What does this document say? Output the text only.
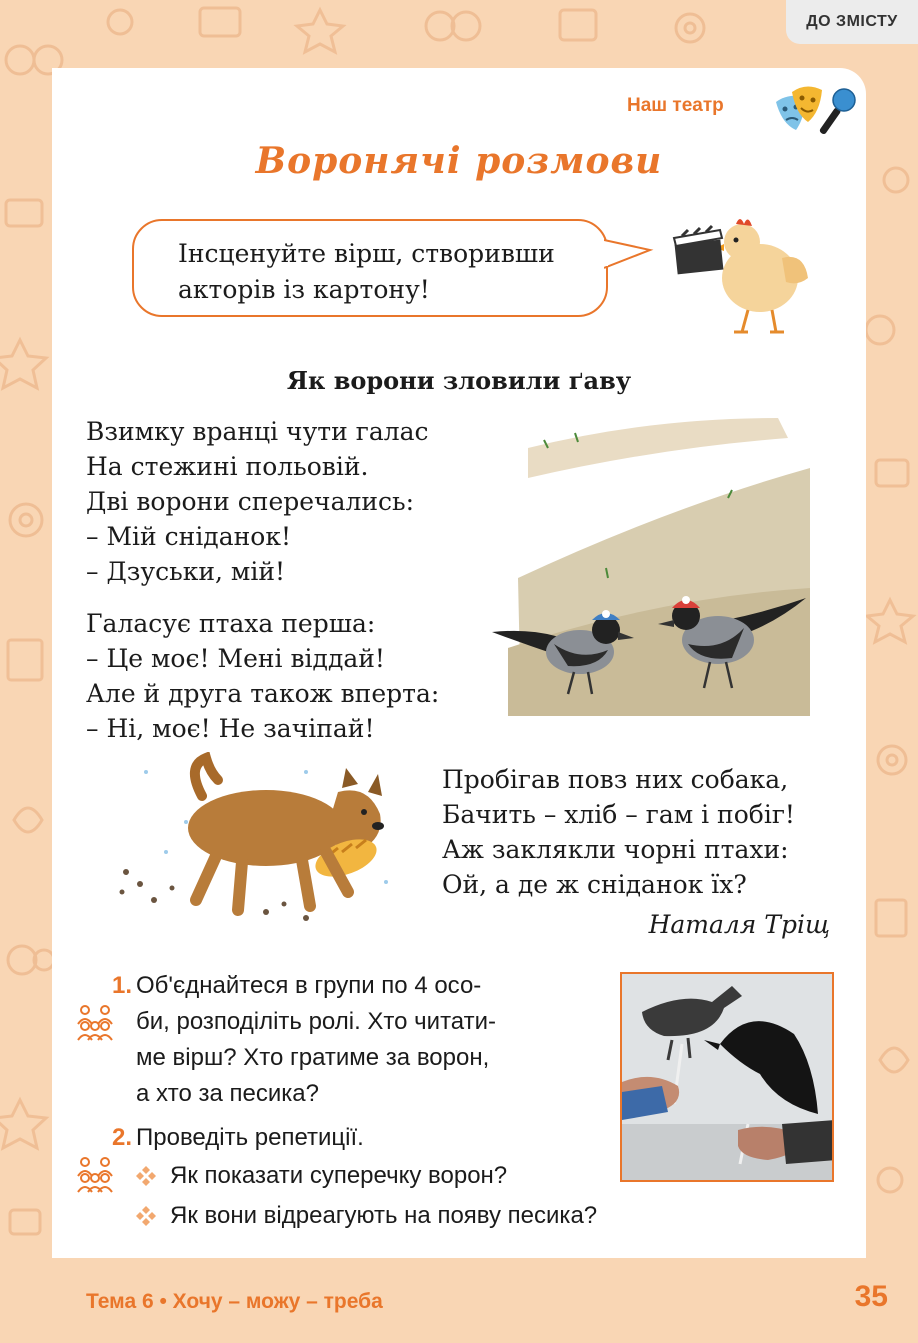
ДО ЗМІСТУ
Наш театр
Воронячі розмови
Інсценуйте вірш, створивши
акторів із картону!
Як ворони зловили ґаву
Взимку вранці чути галас
На стежині польовій.
Дві ворони сперечались:
– Мій сніданок!
– Дзуськи, мій!
Галасує птаха перша:
– Це моє! Мені віддай!
Але й друга також вперта:
– Ні, моє! Не зачіпай!
Пробігав повз них собака,
Бачить – хліб – гам і побіг!
Аж заклякли чорні птахи:
Ой, а де ж сніданок їх?
Наталя Тріщ
1. Об'єднайтеся в групи по 4 осо-
би, розподіліть ролі. Хто читати-
ме вірш? Хто гратиме за ворон,
а хто за песика?
2. Проведіть репетиції.
Як показати суперечку ворон?
Як вони відреагують на появу песика?
Тема 6 • Хочу – можу – треба	35
